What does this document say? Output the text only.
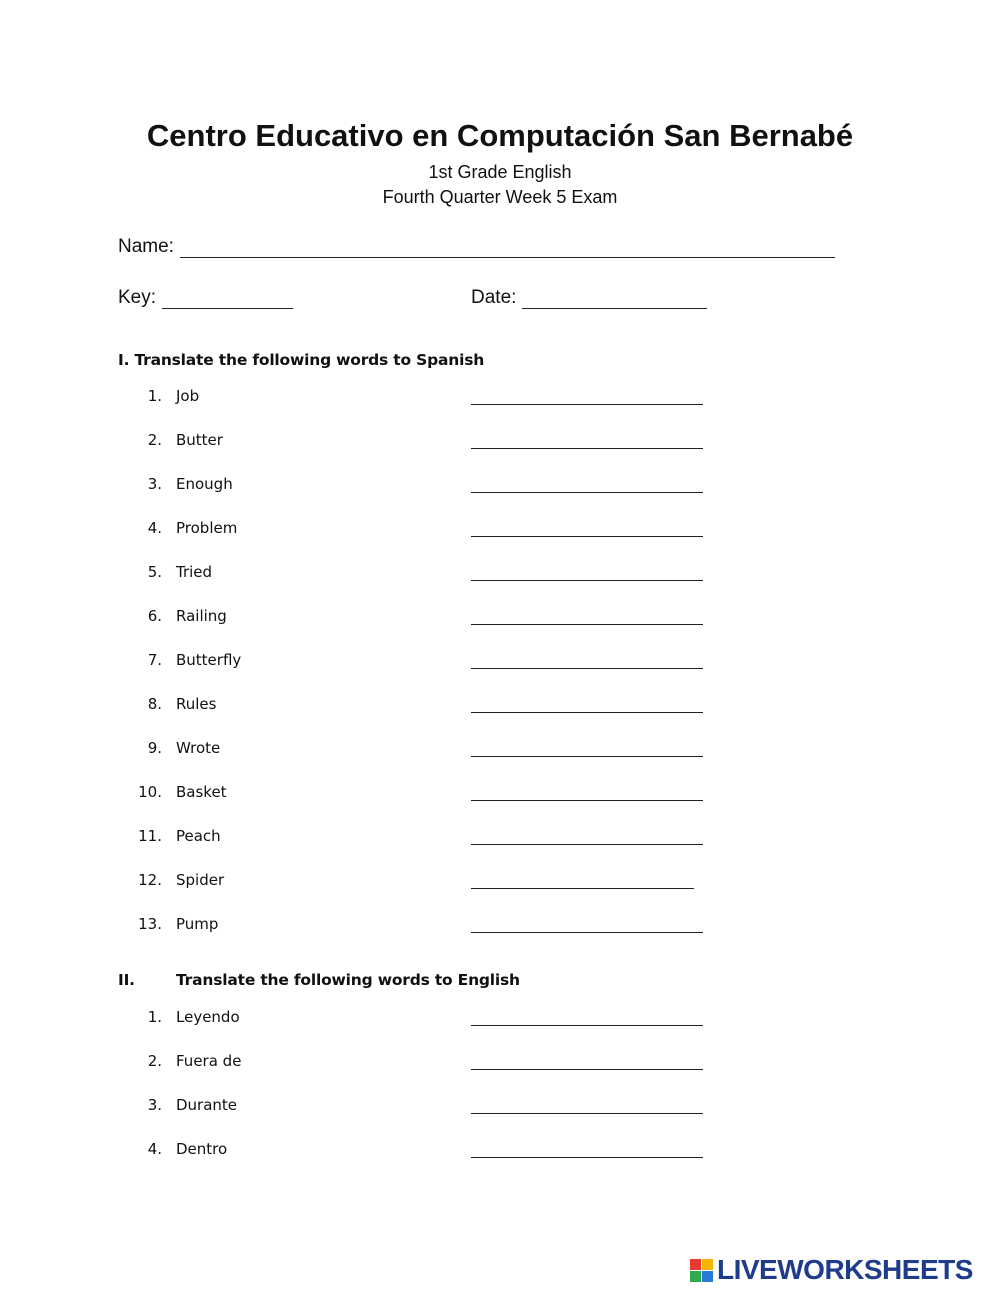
Centro Educativo en Computación San Bernabé

1st Grade English

Fourth Quarter Week 5 Exam

Name:
Key:	Date:
I. Translate the following words to Spanish
1. Job
2. Butter
3. Enough
4. Problem
5. Tried
6. Railing
7. Butterfly
8. Rules
9. Wrote
10. Basket
11. Peach
12. Spider
13. Pump
II.	Translate the following words to English
1. Leyendo
2. Fuera de
3. Durante
4. Dentro
LIVEWORKSHEETS
